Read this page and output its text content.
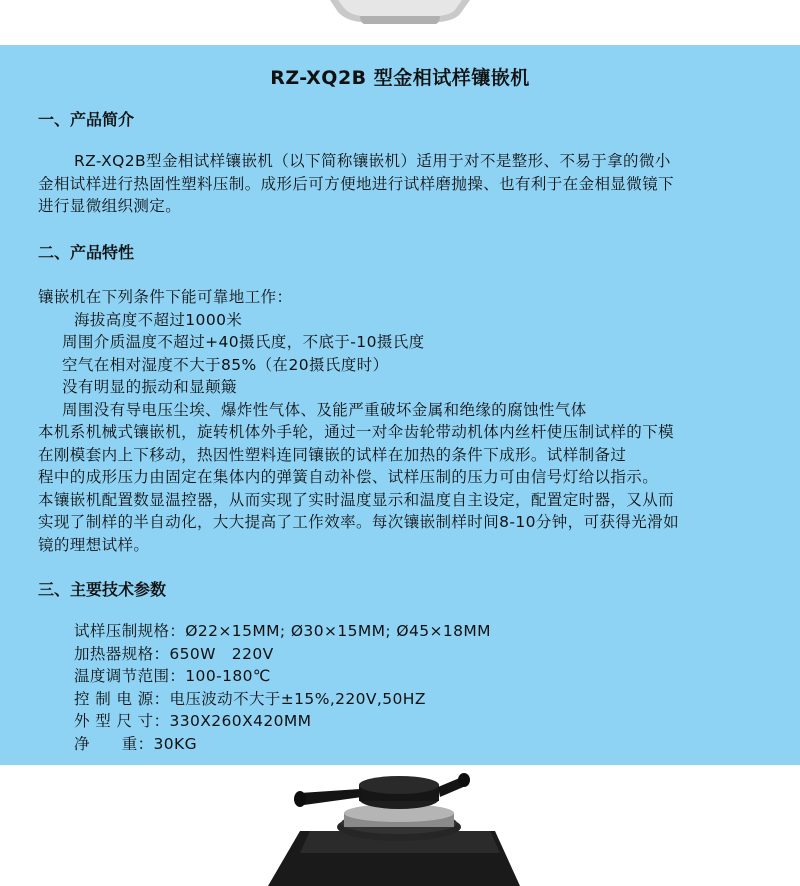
RZ-XQ2B 型金相试样镶嵌机
一、产品简介
RZ-XQ2B型金相试样镶嵌机（以下简称镶嵌机）适用于对不是整形、不易于拿的微小
金相试样进行热固性塑料压制。成形后可方便地进行试样磨抛操、也有利于在金相显微镜下
进行显微组织测定。
二、产品特性
镶嵌机在下列条件下能可靠地工作：
海拔高度不超过1000米
周围介质温度不超过+40摄氏度，不底于-10摄氏度
空气在相对湿度不大于85%（在20摄氏度时）
没有明显的振动和显颠簸
周围没有导电压尘埃、爆炸性气体、及能严重破坏金属和绝缘的腐蚀性气体
本机系机械式镶嵌机，旋转机体外手轮，通过一对伞齿轮带动机体内丝杆使压制试样的下模
在刚模套内上下移动，热因性塑料连同镶嵌的试样在加热的条件下成形。试样制备过
程中的成形压力由固定在集体内的弹簧自动补偿、试样压制的压力可由信号灯给以指示。
本镶嵌机配置数显温控器，从而实现了实时温度显示和温度自主设定，配置定时器，又从而
实现了制样的半自动化，大大提高了工作效率。每次镶嵌制样时间8-10分钟，可获得光滑如
镜的理想试样。
三、主要技术参数
试样压制规格：Ø22×15MM; Ø30×15MM; Ø45×18MM
加热器规格：650W　220V
温度调节范围：100-180℃
控 制 电 源：电压波动不大于±15%,220V,50HZ
外 型 尺 寸：330X260X420MM
净　　重：30KG
